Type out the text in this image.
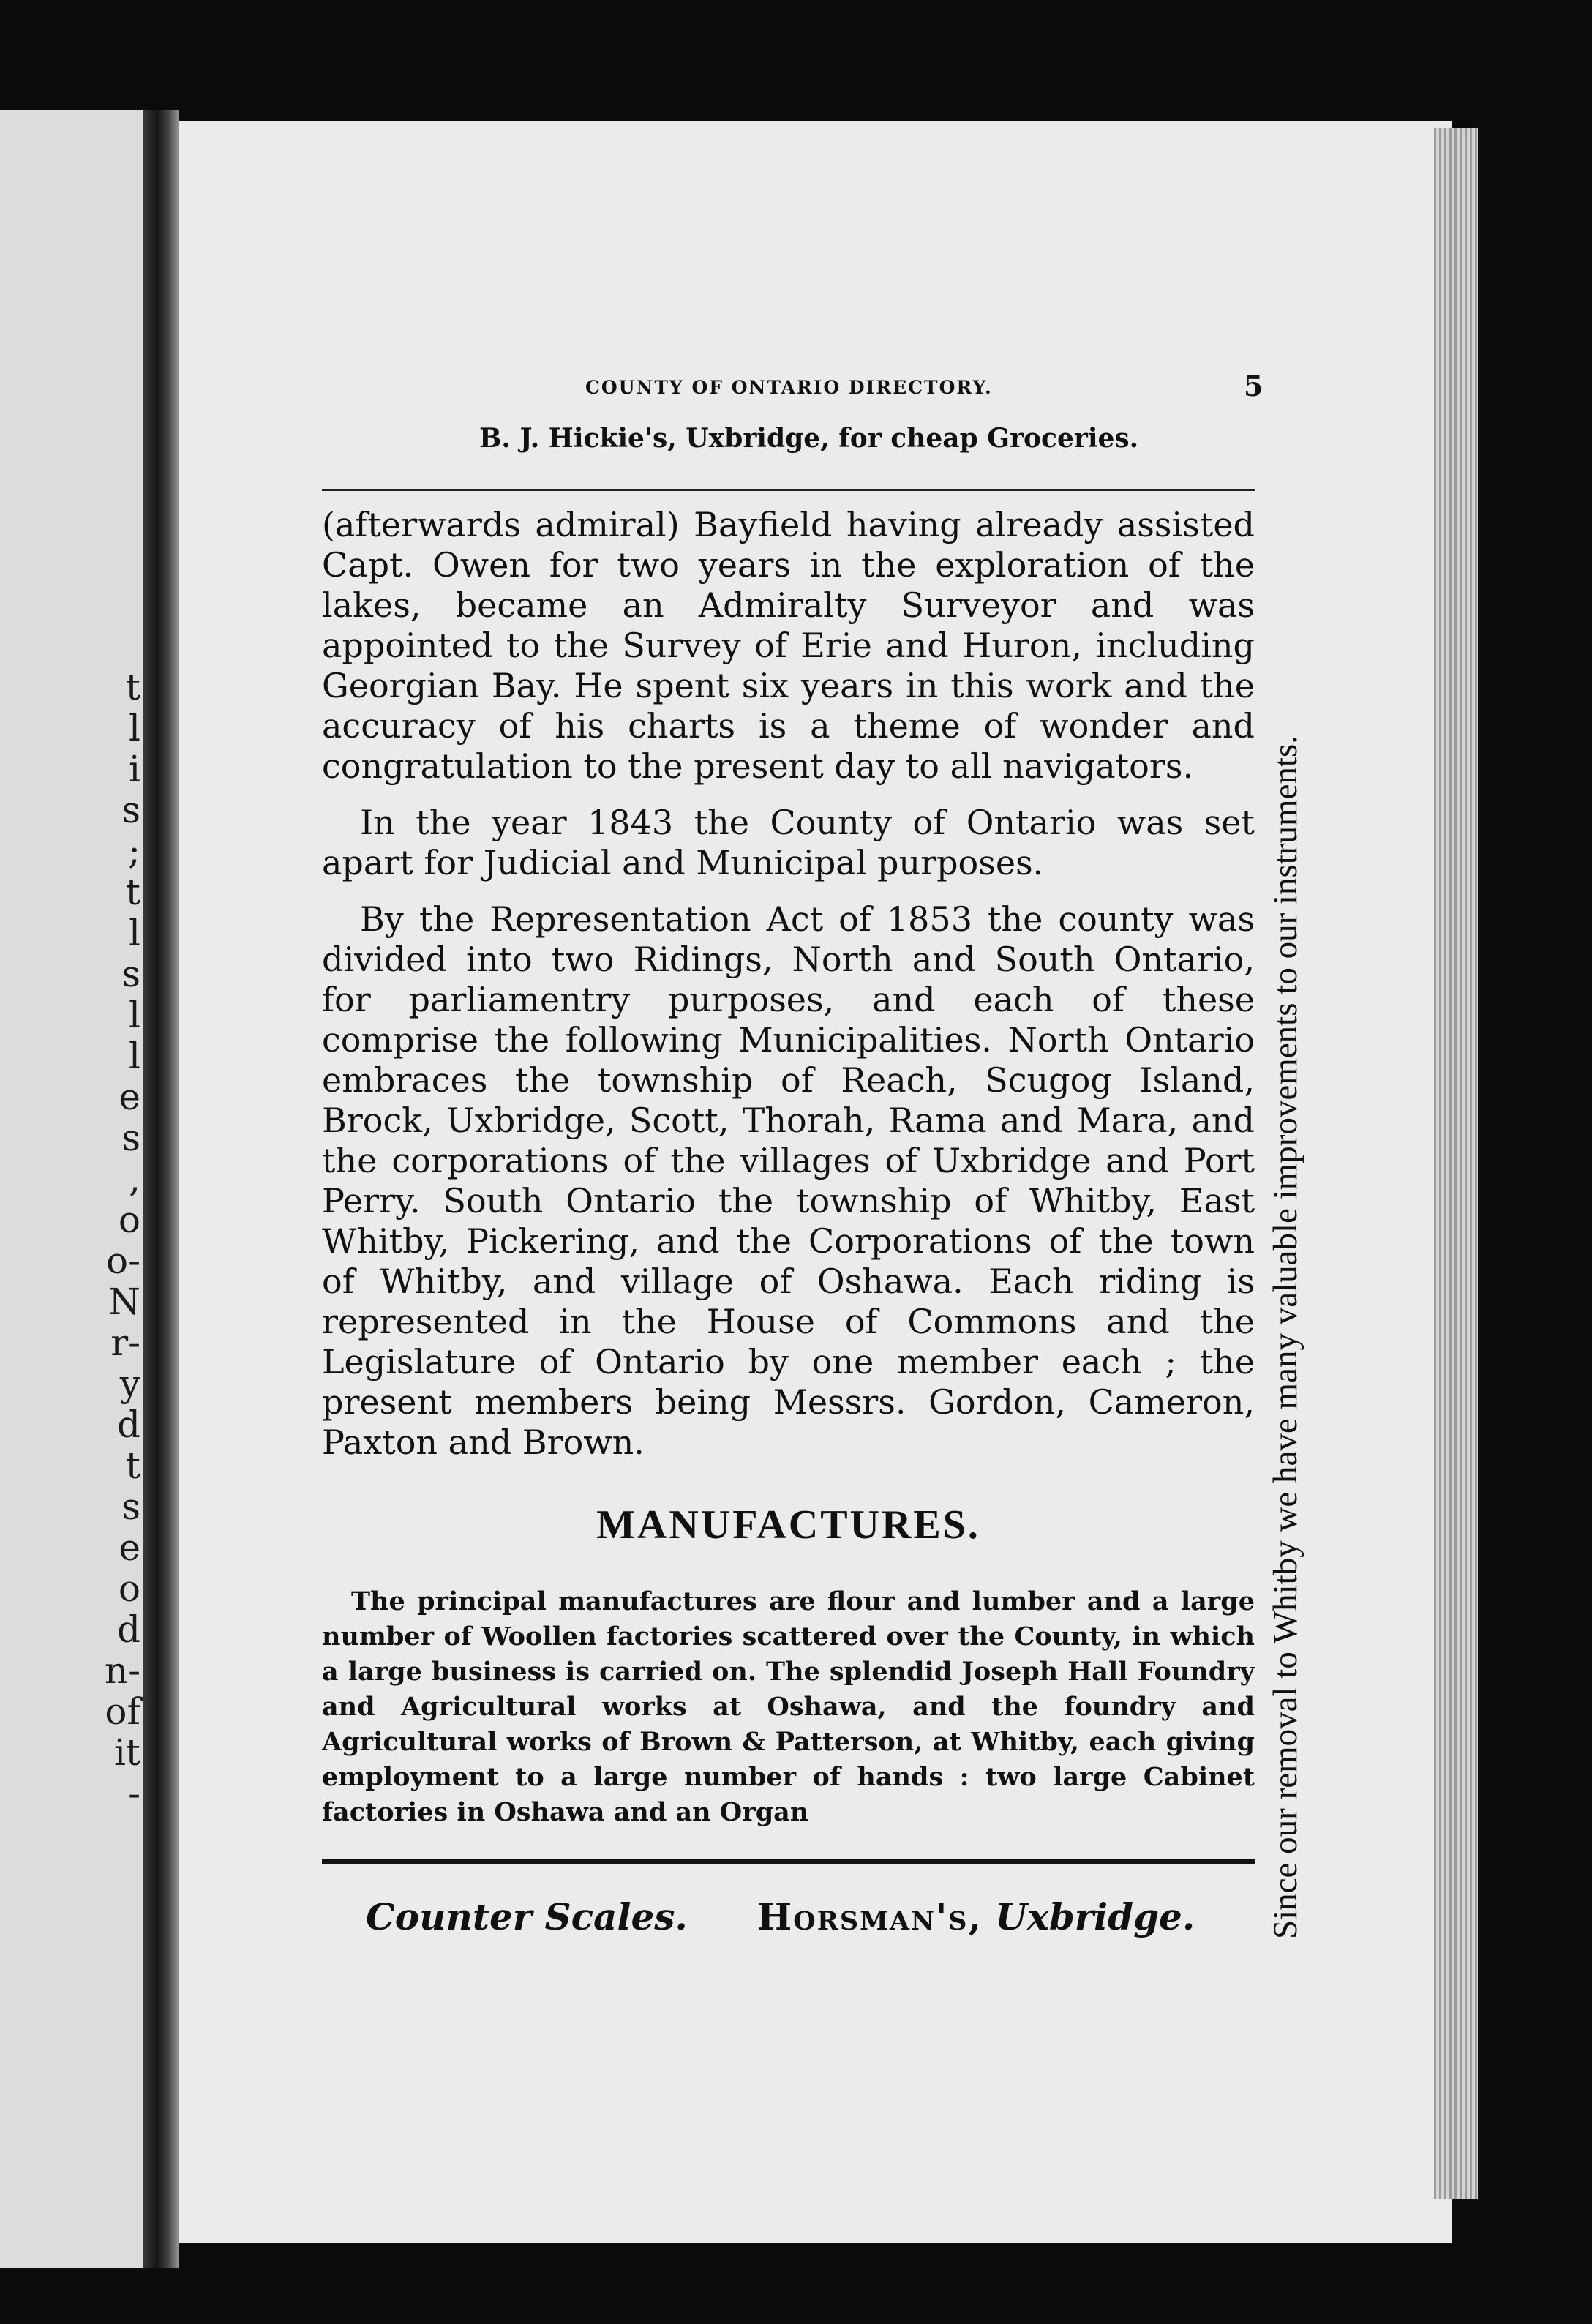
t
l
i
s
;
t
l
s
l
l
e
s
,
o
o-
N
r-
y
d
t
s
e
o
d
n-
of
it
-
COUNTY OF ONTARIO DIRECTORY.	5
B. J. Hickie's, Uxbridge, for cheap Groceries.

(afterwards admiral) Bayfield having already assisted Capt. Owen for two years in the exploration of the lakes, became an Admiralty Surveyor and was appointed to the Survey of Erie and Huron, including Georgian Bay. He spent six years in this work and the accuracy of his charts is a theme of wonder and congratulation to the present day to all navigators.

In the year 1843 the County of Ontario was set apart for Judicial and Municipal purposes.

By the Representation Act of 1853 the county was divided into two Ridings, North and South Ontario, for parliamentry purposes, and each of these comprise the following Municipalities. North Ontario embraces the township of Reach, Scugog Island, Brock, Uxbridge, Scott, Thorah, Rama and Mara, and the corporations of the villages of Uxbridge and Port Perry. South Ontario the township of Whitby, East Whitby, Pickering, and the Corporations of the town of Whitby, and village of Oshawa. Each riding is represented in the House of Commons and the Legislature of Ontario by one member each ; the present members being Messrs. Gordon, Cameron, Paxton and Brown.

MANUFACTURES.

The principal manufactures are flour and lumber and a large number of Woollen factories scattered over the County, in which a large business is carried on. The splendid Joseph Hall Foundry and Agricultural works at Oshawa, and the foundry and Agricultural works of Brown & Patterson, at Whitby, each giving employment to a large number of hands : two large Cabinet factories in Oshawa and an Organ

Counter Scales. Horsman's, Uxbridge. Since our removal to Whitby we have many valuable improvements to our instruments.
